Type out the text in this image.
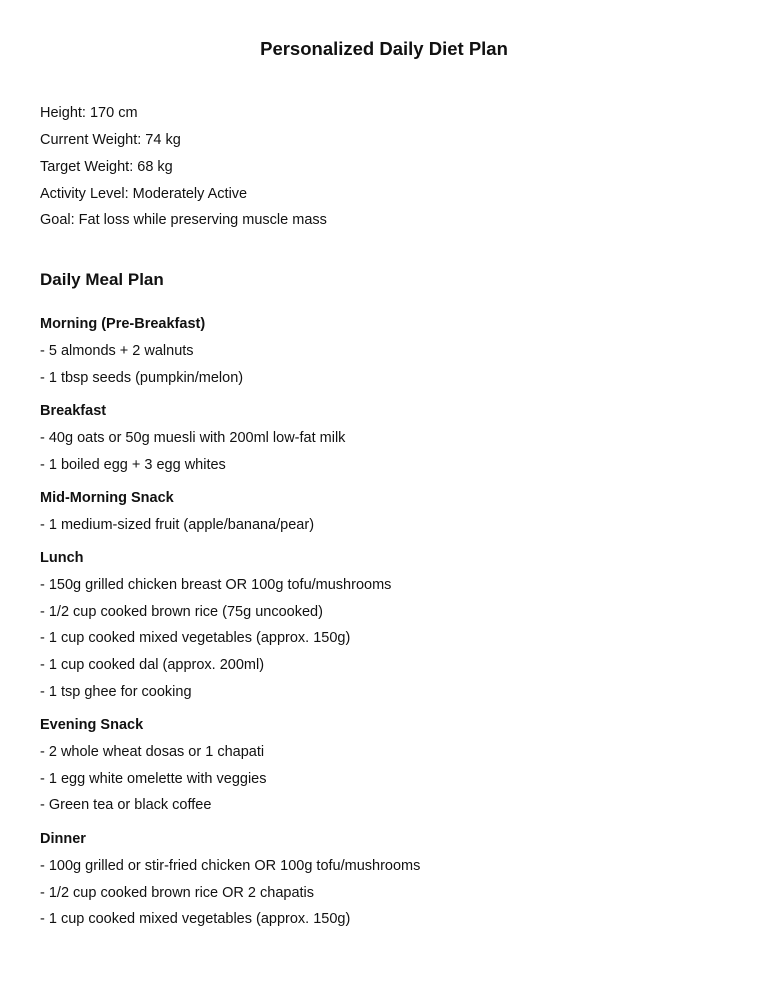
Personalized Daily Diet Plan
Height: 170 cm
Current Weight: 74 kg
Target Weight: 68 kg
Activity Level: Moderately Active
Goal: Fat loss while preserving muscle mass
Daily Meal Plan
Morning (Pre-Breakfast)
- 5 almonds + 2 walnuts
- 1 tbsp seeds (pumpkin/melon)
Breakfast
- 40g oats or 50g muesli with 200ml low-fat milk
- 1 boiled egg + 3 egg whites
Mid-Morning Snack
- 1 medium-sized fruit (apple/banana/pear)
Lunch
- 150g grilled chicken breast OR 100g tofu/mushrooms
- 1/2 cup cooked brown rice (75g uncooked)
- 1 cup cooked mixed vegetables (approx. 150g)
- 1 cup cooked dal (approx. 200ml)
- 1 tsp ghee for cooking
Evening Snack
- 2 whole wheat dosas or 1 chapati
- 1 egg white omelette with veggies
- Green tea or black coffee
Dinner
- 100g grilled or stir-fried chicken OR 100g tofu/mushrooms
- 1/2 cup cooked brown rice OR 2 chapatis
- 1 cup cooked mixed vegetables (approx. 150g)
